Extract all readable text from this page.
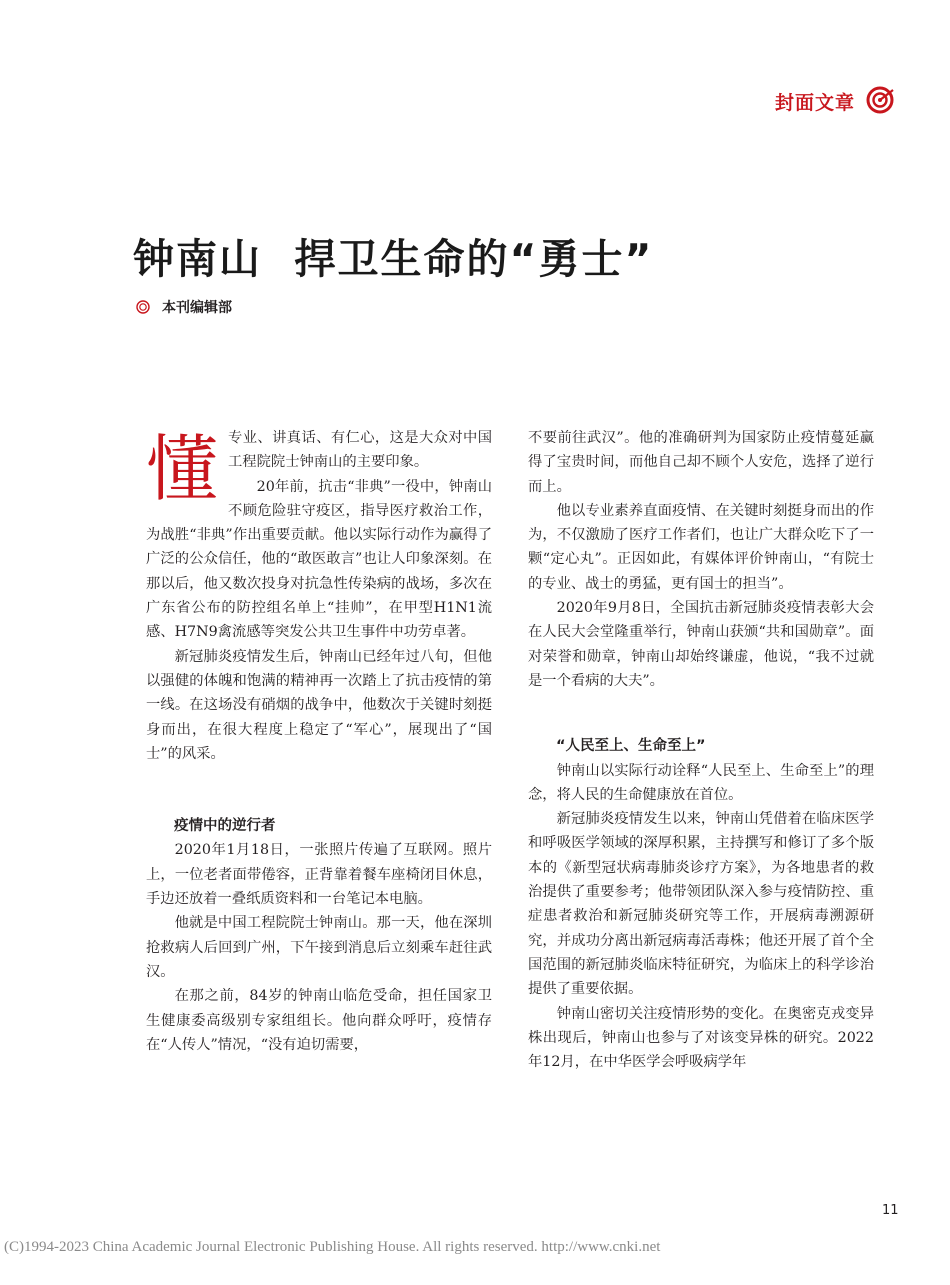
封面文章
钟南山  捍卫生命的“勇士”
本刊编辑部
懂 专业、讲真话、有仁心，这是大众对中国工程院院士钟南山的主要印象。

20年前，抗击“非典”一役中，钟南山不顾危险驻守疫区，指导医疗救治工作，为战胜“非典”作出重要贡献。他以实际行动作为赢得了广泛的公众信任，他的“敢医敢言”也让人印象深刻。在那以后，他又数次投身对抗急性传染病的战场，多次在广东省公布的防控组名单上“挂帅”，在甲型H1N1流感、H7N9禽流感等突发公共卫生事件中功劳卓著。

新冠肺炎疫情发生后，钟南山已经年过八旬，但他以强健的体魄和饱满的精神再一次踏上了抗击疫情的第一线。在这场没有硝烟的战争中，他数次于关键时刻挺身而出，在很大程度上稳定了“军心”，展现出了“国士”的风采。

疫情中的逆行者

2020年1月18日，一张照片传遍了互联网。照片上，一位老者面带倦容，正背靠着餐车座椅闭目休息，手边还放着一叠纸质资料和一台笔记本电脑。

他就是中国工程院院士钟南山。那一天，他在深圳抢救病人后回到广州，下午接到消息后立刻乘车赶往武汉。

在那之前，84岁的钟南山临危受命，担任国家卫生健康委高级别专家组组长。他向群众呼吁，疫情存在“人传人”情况，“没有迫切需要，

不要前往武汉”。他的准确研判为国家防止疫情蔓延赢得了宝贵时间，而他自己却不顾个人安危，选择了逆行而上。

他以专业素养直面疫情、在关键时刻挺身而出的作为，不仅激励了医疗工作者们，也让广大群众吃下了一颗“定心丸”。正因如此，有媒体评价钟南山，“有院士的专业、战士的勇猛，更有国士的担当”。

2020年9月8日，全国抗击新冠肺炎疫情表彰大会在人民大会堂隆重举行，钟南山获颁“共和国勋章”。面对荣誉和勋章，钟南山却始终谦虚，他说，“我不过就是一个看病的大夫”。

“人民至上、生命至上”

钟南山以实际行动诠释“人民至上、生命至上”的理念，将人民的生命健康放在首位。

新冠肺炎疫情发生以来，钟南山凭借着在临床医学和呼吸医学领域的深厚积累，主持撰写和修订了多个版本的《新型冠状病毒肺炎诊疗方案》，为各地患者的救治提供了重要参考；他带领团队深入参与疫情防控、重症患者救治和新冠肺炎研究等工作，开展病毒溯源研究，并成功分离出新冠病毒活毒株；他还开展了首个全国范围的新冠肺炎临床特征研究，为临床上的科学诊治提供了重要依据。

钟南山密切关注疫情形势的变化。在奥密克戎变异株出现后，钟南山也参与了对该变异株的研究。2022年12月，在中华医学会呼吸病学年

11
(C)1994-2023 China Academic Journal Electronic Publishing House. All rights reserved. http://www.cnki.net
